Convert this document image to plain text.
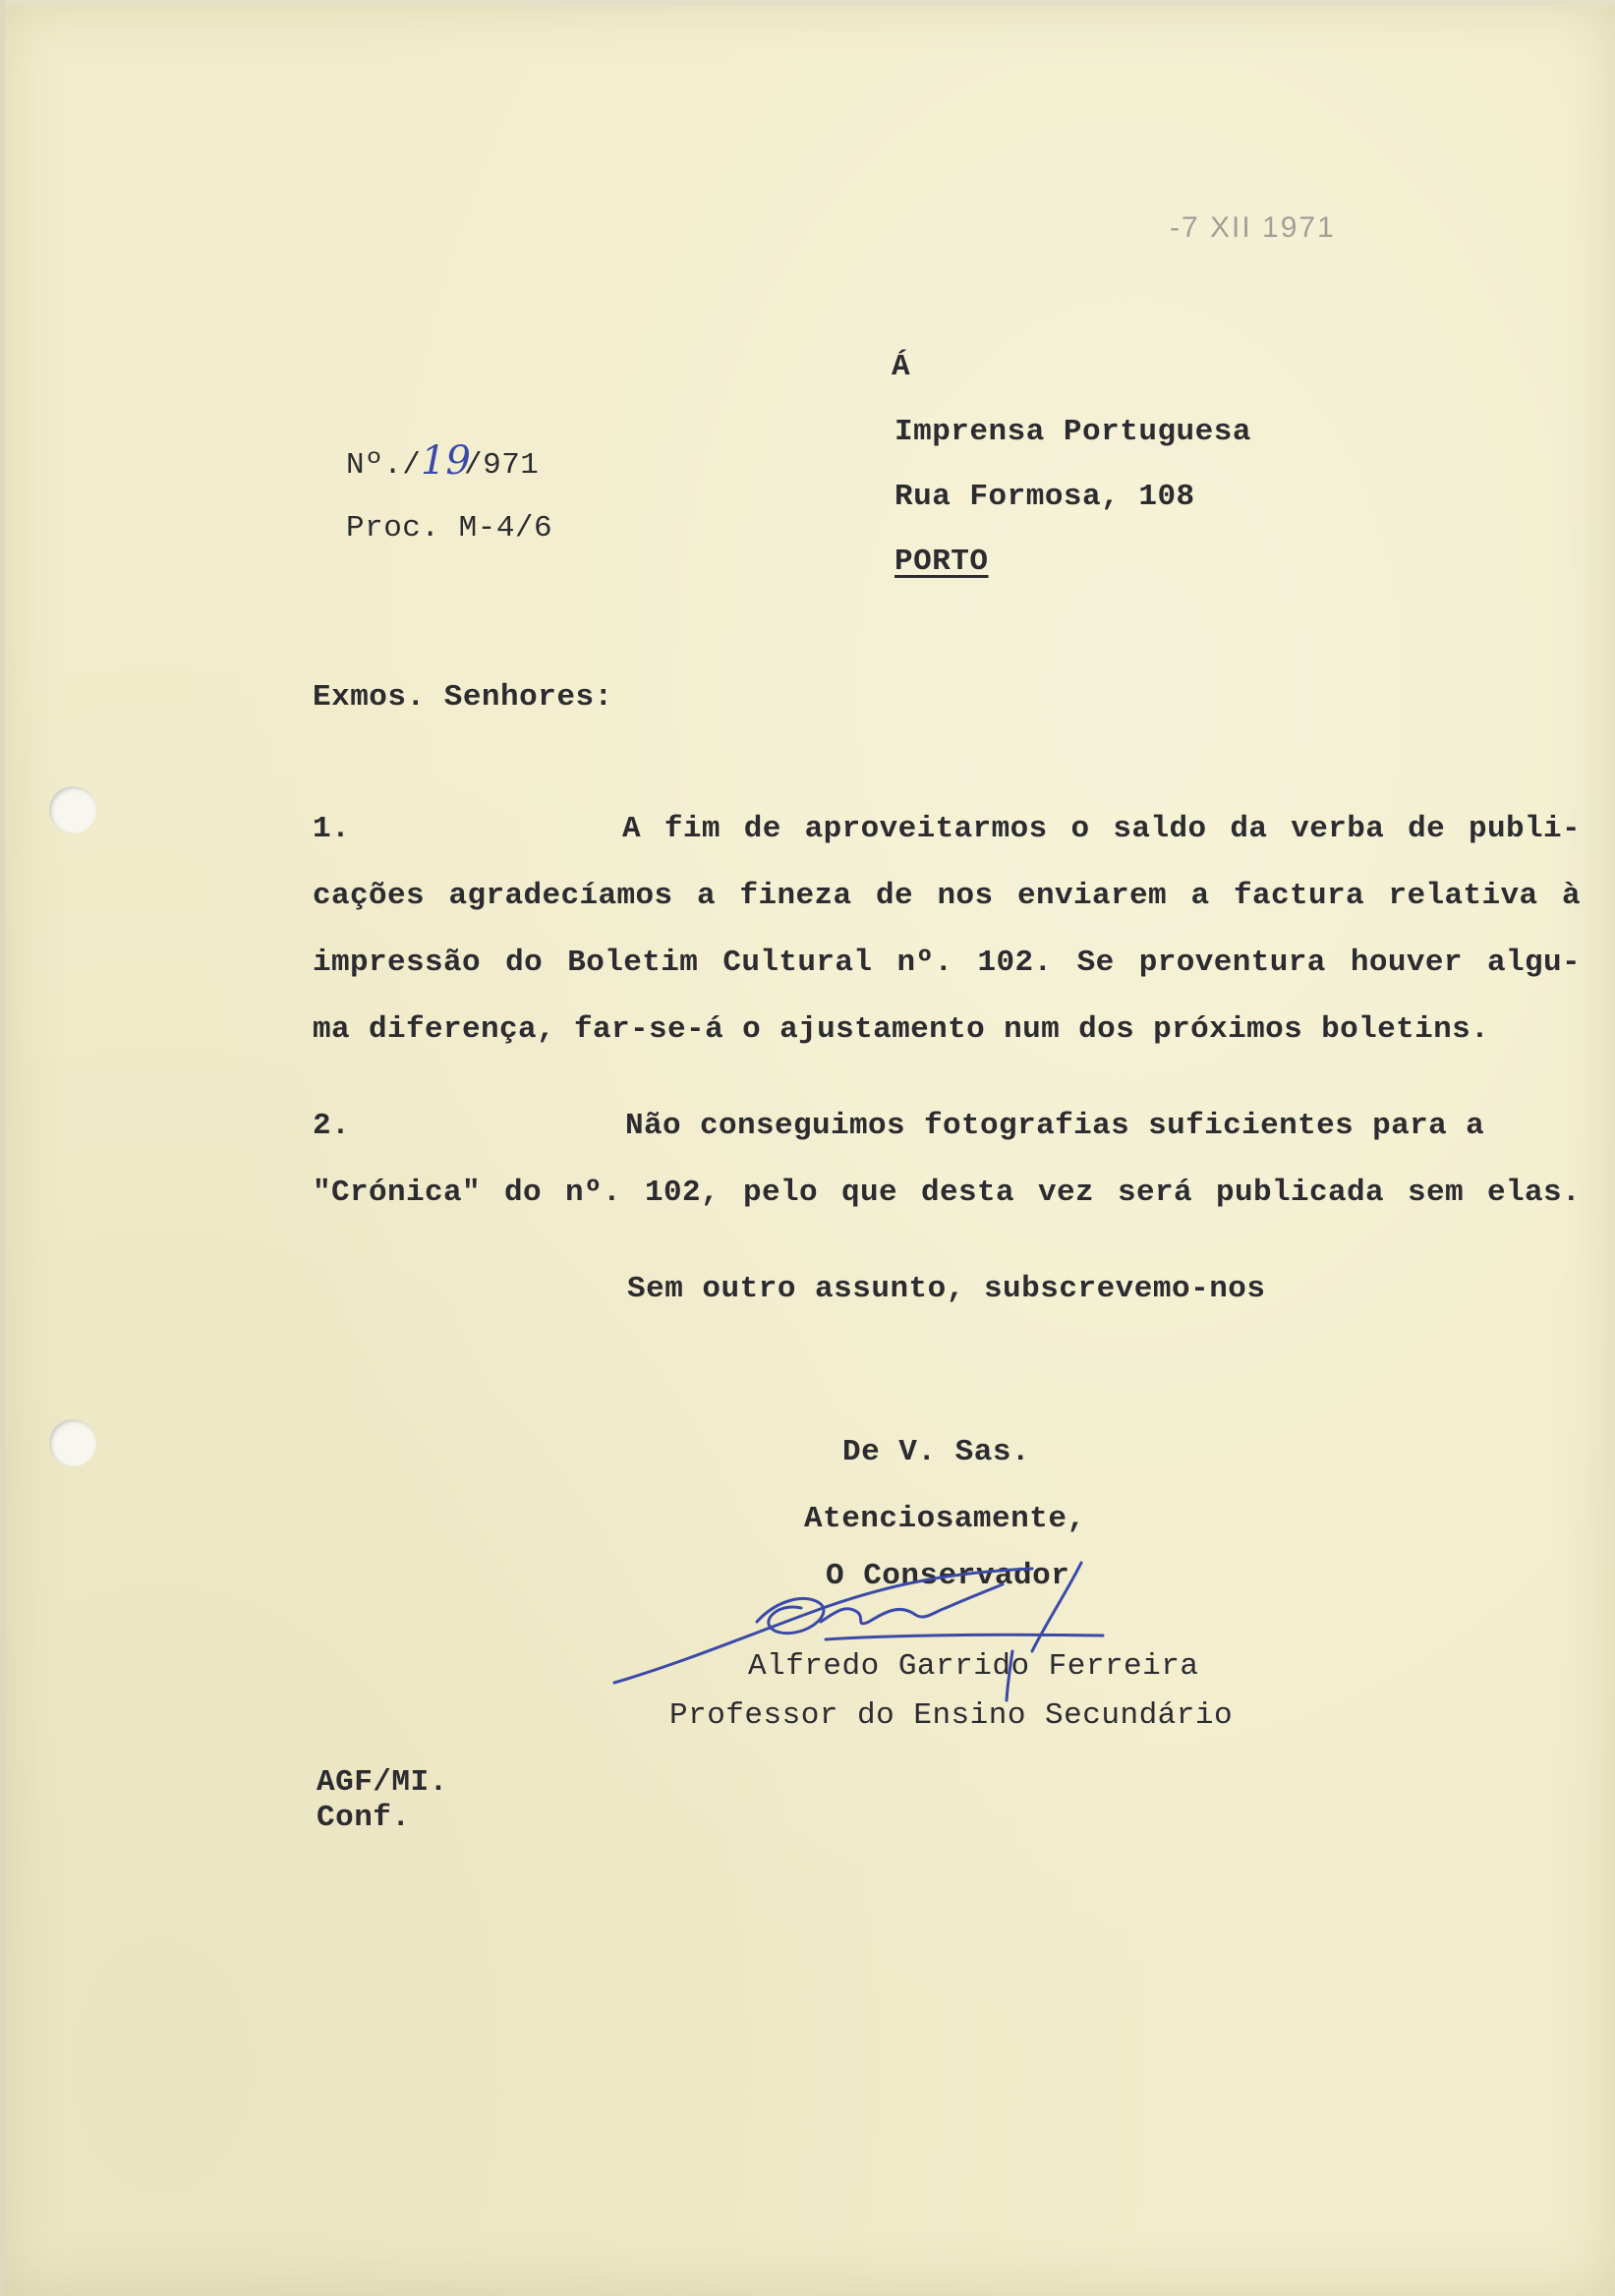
-7 XII 1971
Nº./ 19
/971
Proc. M-4/6
Á
Imprensa Portuguesa
Rua Formosa, 108
PORTO
Exmos. Senhores:
1.	A fim de aproveitarmos o saldo da verba de publi-
cações agradecíamos a fineza de nos enviarem a factura relativa à
impressão do Boletim Cultural nº. 102. Se proventura houver algu-
ma diferença, far-se-á o ajustamento num dos próximos boletins.
2.	Não conseguimos fotografias suficientes para a
"Crónica" do nº. 102, pelo que desta vez será publicada sem elas.
Sem outro assunto, subscrevemo-nos
De V. Sas.
Atenciosamente,
O Conservador
Alfredo Garrido Ferreira
Professor do Ensino Secundário
AGF/MI.
Conf.
